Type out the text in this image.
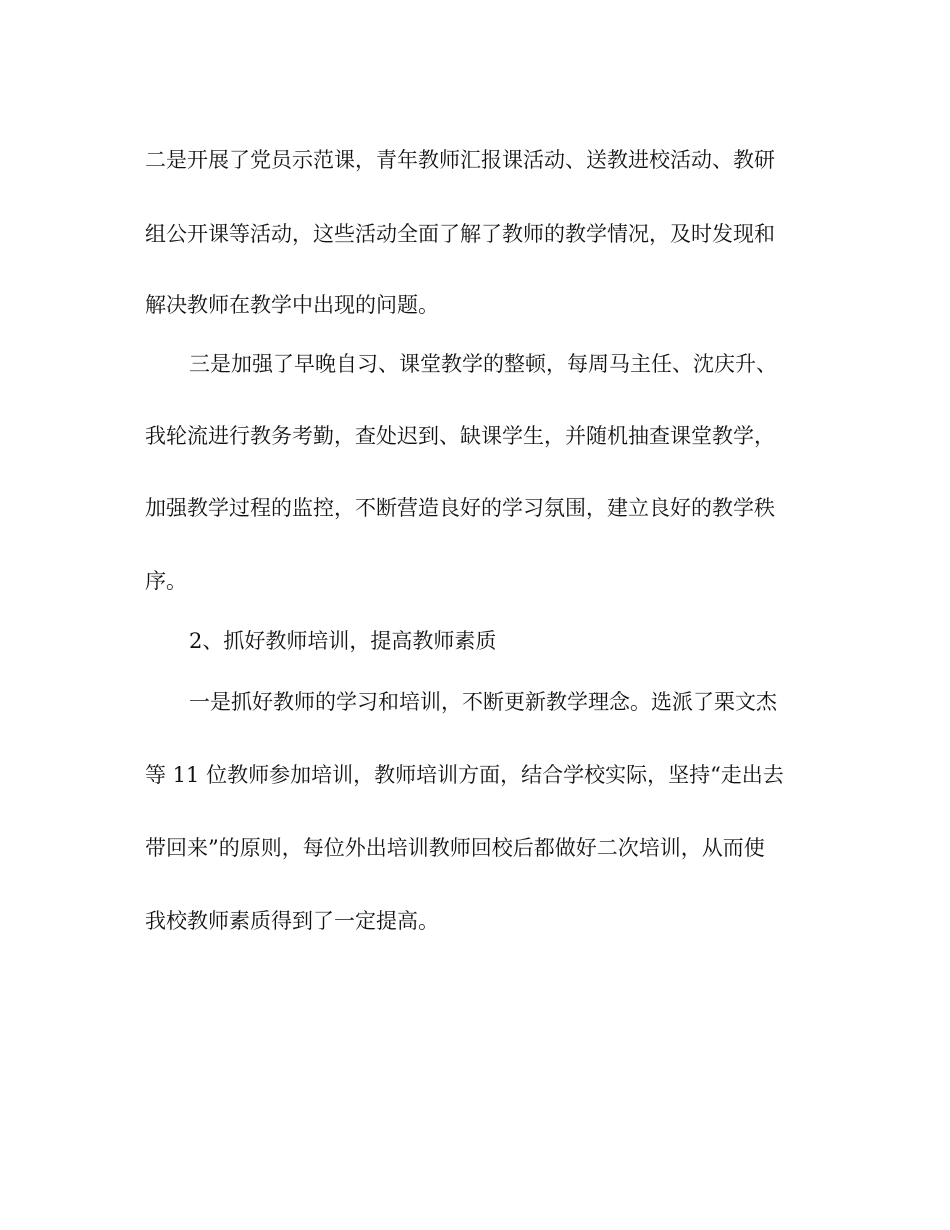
二是开展了党员示范课，青年教师汇报课活动、送教进校活动、教研
组公开课等活动，这些活动全面了解了教师的教学情况，及时发现和
解决教师在教学中出现的问题。
三是加强了早晚自习、课堂教学的整顿，每周马主任、沈庆升、
我轮流进行教务考勤，查处迟到、缺课学生，并随机抽查课堂教学，
加强教学过程的监控，不断营造良好的学习氛围，建立良好的教学秩
序。
2、抓好教师培训，提高教师素质
一是抓好教师的学习和培训，不断更新教学理念。选派了栗文杰
等 11 位教师参加培训，教师培训方面，结合学校实际，坚持“走出去
带回来”的原则，每位外出培训教师回校后都做好二次培训，从而使
我校教师素质得到了一定提高。
